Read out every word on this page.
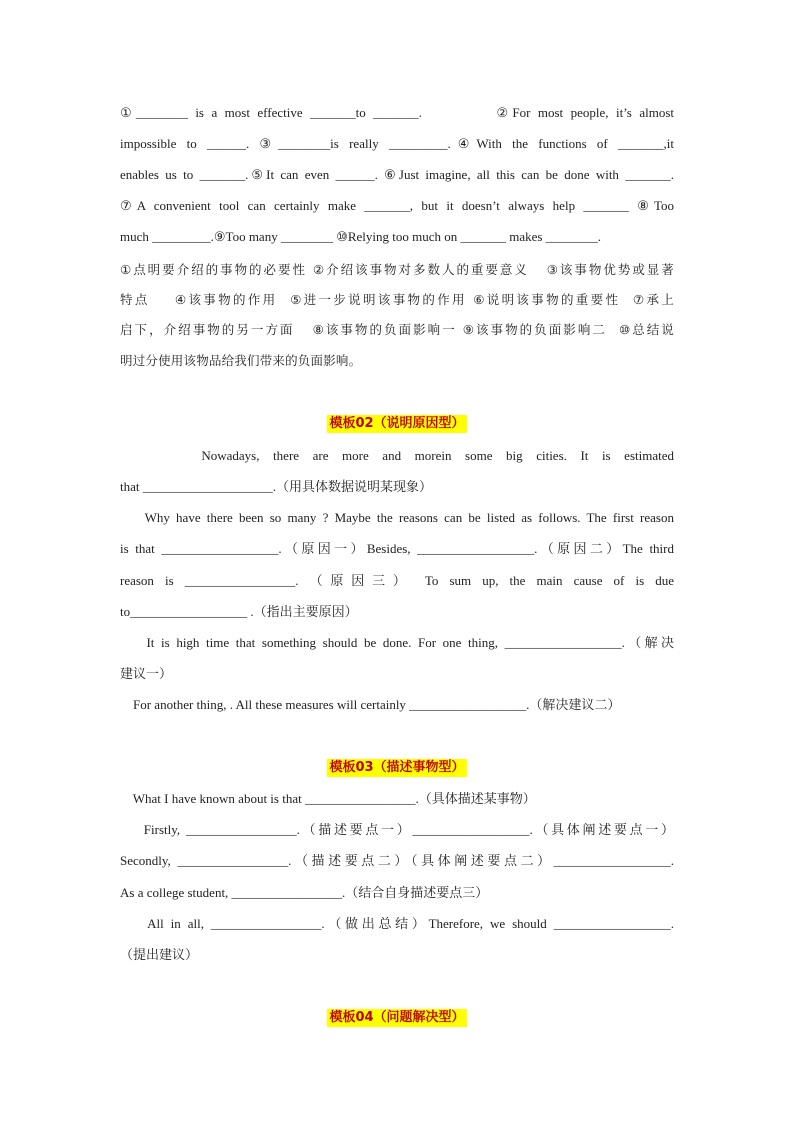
①________ is a most effective _______to _______.          ②For most people, it’s almost
impossible to ______. ③________is really _________.④With the functions of _______,it
enables us to _______.⑤It can even ______. ⑥Just imagine, all this can be done with _______.
⑦A convenient tool can certainly make _______, but it doesn’t always help _______ ⑧Too
much _________.⑨Too many ________ ⑩Relying too much on _______ makes ________.
①点明要介绍的事物的必要性 ②介绍该事物对多数人的重要意义   ③该事物优势或显著
特点    ④该事物的作用  ⑤进一步说明该事物的作用 ⑥说明该事物的重要性  ⑦承上
启下，介绍事物的另一方面   ⑧该事物的负面影响一 ⑨该事物的负面影响二  ⑩总结说
明过分使用该物品给我们带来的负面影响。
模板02（说明原因型）
Nowadays, there are more and morein some big cities. It is estimated
that ____________________.（用具体数据说明某现象）
Why have there been so many ? Maybe the reasons can be listed as follows. The first reason
is that __________________.（原因一）Besides, __________________.（原因二）The third
reason is _________________. （原因三） To sum up, the main cause of is due
to__________________ .（指出主要原因）
It is high time that something should be done. For one thing, __________________.（解决
建议一）
For another thing, . All these measures will certainly __________________.（解决建议二）
模板03（描述事物型）
What I have known about is that _________________.（具体描述某事物）
Firstly, _________________.（描述要点一）__________________.（具体阐述要点一）
Secondly, _________________.（描述要点二）（具体阐述要点二）__________________.
As a college student, _________________.（结合自身描述要点三）
All in all, _________________.（做出总结）Therefore, we should __________________.
（提出建议）
模板04（问题解决型）
